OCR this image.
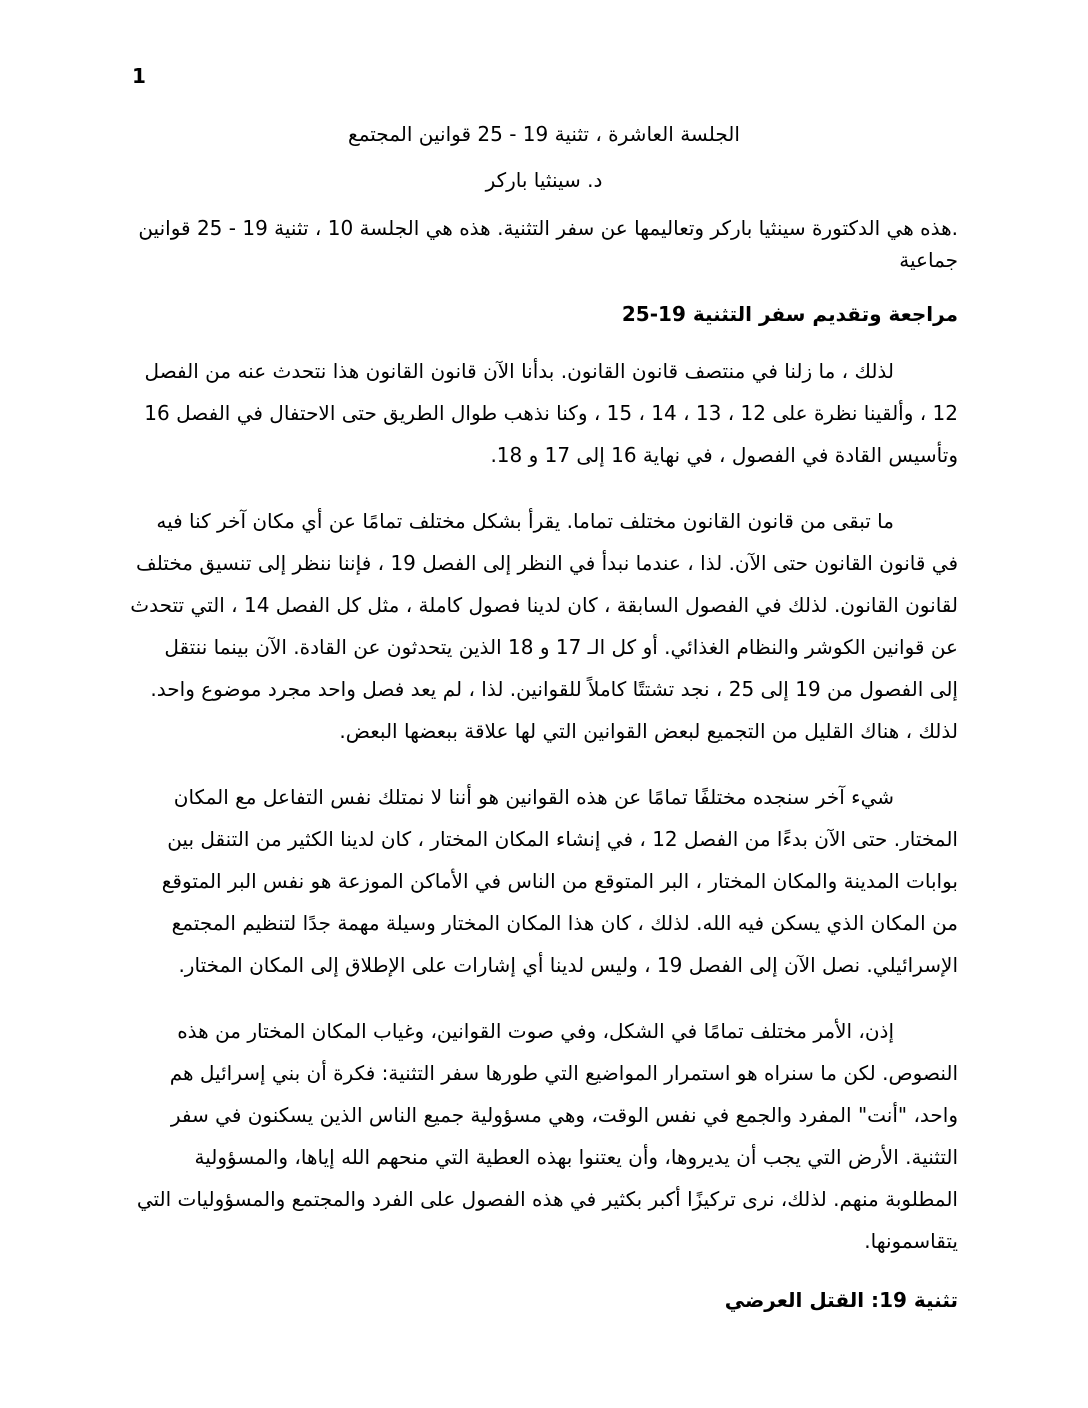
1

الجلسة العاشرة ، تثنية 19 - 25 قوانين المجتمع

د. سينثيا باركر

.هذه هي الدكتورة سينثيا باركر وتعاليمها عن سفر التثنية. هذه هي الجلسة 10 ، تثنية 19 - 25 قوانين جماعية

مراجعة وتقديم سفر التثنية 19-25

لذلك ، ما زلنا في منتصف قانون القانون. بدأنا الآن قانون القانون هذا نتحدث عنه من الفصل 12 ، وألقينا نظرة على 12 ، 13 ، 14 ، 15 ، وكنا نذهب طوال الطريق حتى الاحتفال في الفصل 16 وتأسيس القادة في الفصول ، في نهاية 16 إلى 17 و 18.

ما تبقى من قانون القانون مختلف تماما. يقرأ بشكل مختلف تمامًا عن أي مكان آخر كنا فيه في قانون القانون حتى الآن. لذا ، عندما نبدأ في النظر إلى الفصل 19 ، فإننا ننظر إلى تنسيق مختلف لقانون القانون. لذلك في الفصول السابقة ، كان لدينا فصول كاملة ، مثل كل الفصل 14 ، التي تتحدث عن قوانين الكوشر والنظام الغذائي. أو كل الـ 17 و 18 الذين يتحدثون عن القادة. الآن بينما ننتقل إلى الفصول من 19 إلى 25 ، نجد تشتتًا كاملاً للقوانين. لذا ، لم يعد فصل واحد مجرد موضوع واحد. لذلك ، هناك القليل من التجميع لبعض القوانين التي لها علاقة ببعضها البعض.

شيء آخر سنجده مختلفًا تمامًا عن هذه القوانين هو أننا لا نمتلك نفس التفاعل مع المكان المختار. حتى الآن بدءًا من الفصل 12 ، في إنشاء المكان المختار ، كان لدينا الكثير من التنقل بين بوابات المدينة والمكان المختار ، البر المتوقع من الناس في الأماكن الموزعة هو نفس البر المتوقع من المكان الذي يسكن فيه الله. لذلك ، كان هذا المكان المختار وسيلة مهمة جدًا لتنظيم المجتمع الإسرائيلي. نصل الآن إلى الفصل 19 ، وليس لدينا أي إشارات على الإطلاق إلى المكان المختار.

إذن، الأمر مختلف تمامًا في الشكل، وفي صوت القوانين، وغياب المكان المختار من هذه النصوص. لكن ما سنراه هو استمرار المواضيع التي طورها سفر التثنية: فكرة أن بني إسرائيل هم واحد، "أنت" المفرد والجمع في نفس الوقت، وهي مسؤولية جميع الناس الذين يسكنون في سفر التثنية. الأرض التي يجب أن يديروها، وأن يعتنوا بهذه العطية التي منحهم الله إياها، والمسؤولية المطلوبة منهم. لذلك، نرى تركيزًا أكبر بكثير في هذه الفصول على الفرد والمجتمع والمسؤوليات التي يتقاسمونها.

تثنية 19: القتل العرضي
